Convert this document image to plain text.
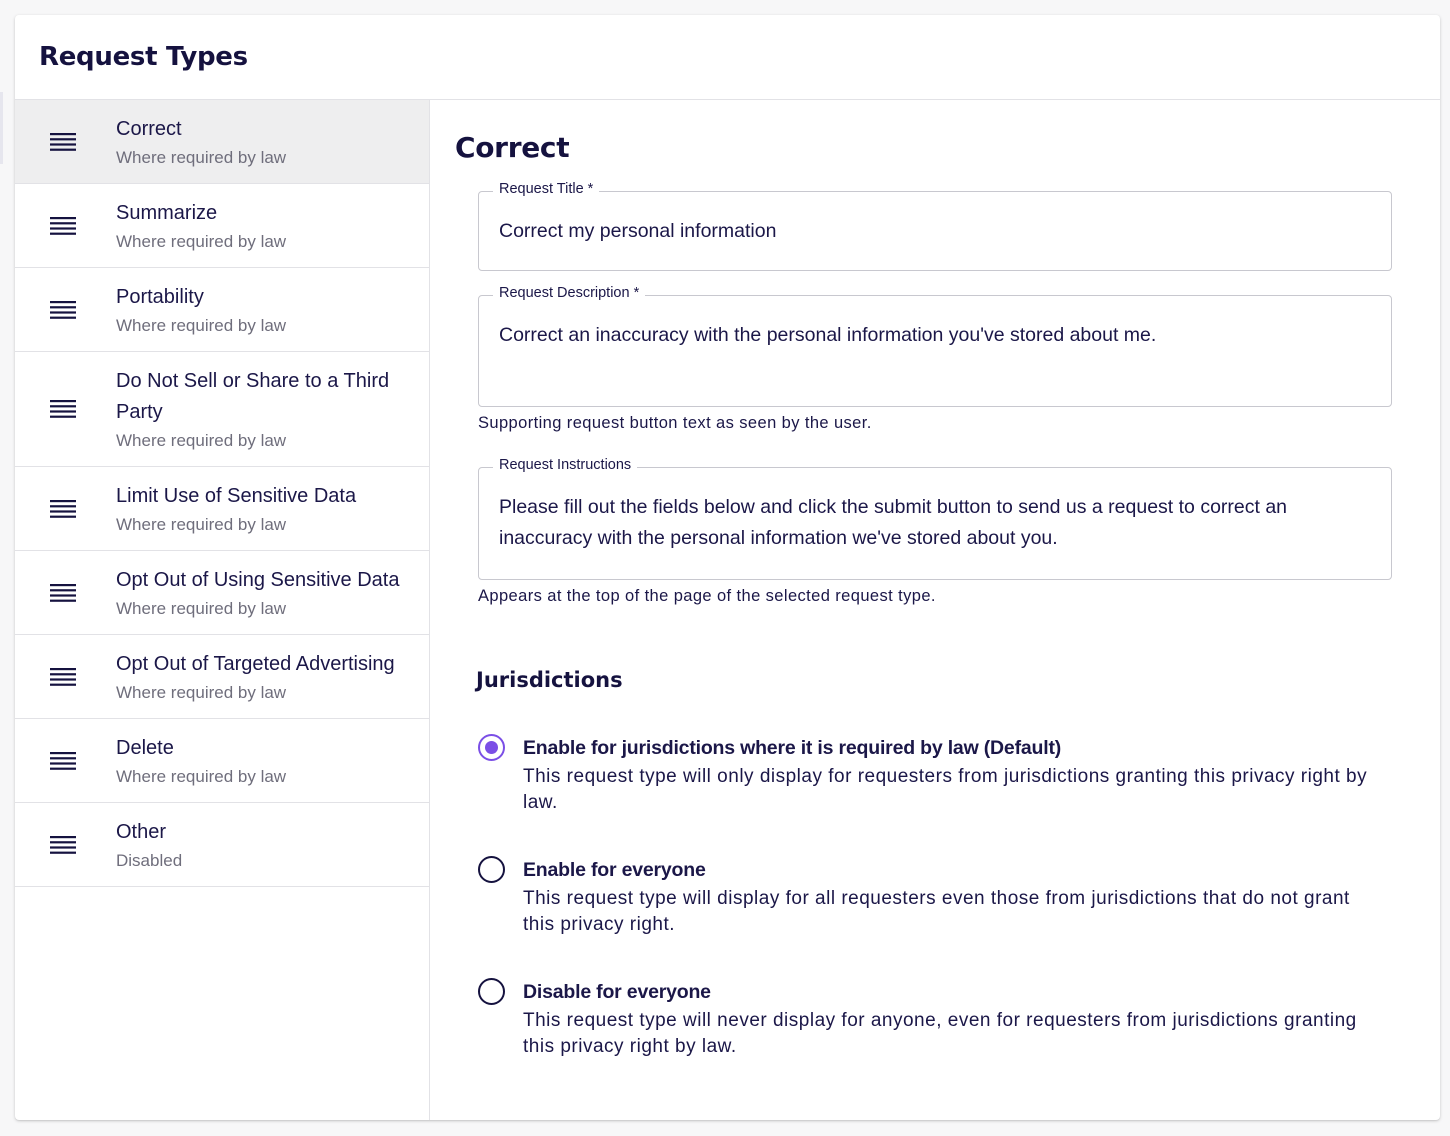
Request Types
Correct
Where required by law
Summarize
Where required by law
Portability
Where required by law
Do Not Sell or Share to a Third Party
Where required by law
Limit Use of Sensitive Data
Where required by law
Opt Out of Using Sensitive Data
Where required by law
Opt Out of Targeted Advertising
Where required by law
Delete
Where required by law
Other
Disabled
Correct
Request Title *
Correct my personal information
Request Description *
Correct an inaccuracy with the personal information you've stored about me.
Supporting request button text as seen by the user.
Request Instructions
Please fill out the fields below and click the submit button to send us a request to correct an inaccuracy with the personal information we've stored about you.
Appears at the top of the page of the selected request type.
Jurisdictions
Enable for jurisdictions where it is required by law (Default)
This request type will only display for requesters from jurisdictions granting this privacy right by law.
Enable for everyone
This request type will display for all requesters even those from jurisdictions that do not grant this privacy right.
Disable for everyone
This request type will never display for anyone, even for requesters from jurisdictions granting this privacy right by law.
